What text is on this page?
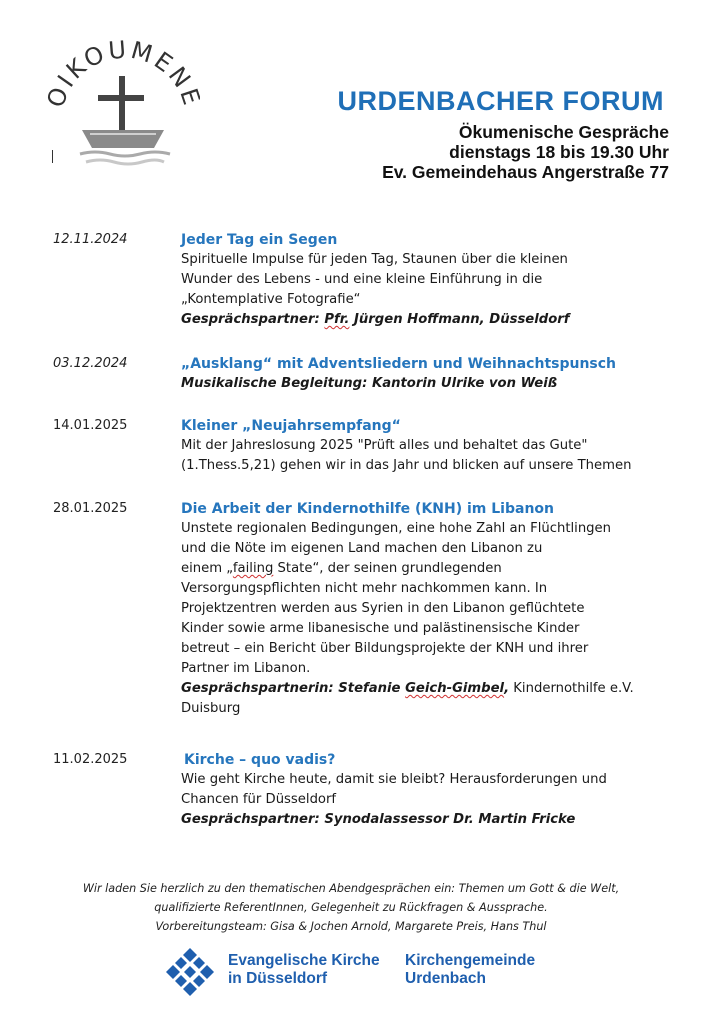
OIKOUMEN
URDENBACHER FORUM
Ökumenische Gespräche
dienstags 18 bis 19.30 Uhr
Ev. Gemeindehaus Angerstraße 77
12.11.2024	Jeder Tag ein Segen
Spirituelle Impulse für jeden Tag, Staunen über die kleinen
Wunder des Lebens - und eine kleine Einführung in die
„Kontemplative Fotografie“
Gesprächspartner: Pfr. Jürgen Hoffmann, Düsseldorf
03.12.2024	„Ausklang“ mit Adventsliedern und Weihnachtspunsch
Musikalische Begleitung: Kantorin Ulrike von Weiß
14.01.2025	Kleiner „Neujahrsempfang“
Mit der Jahreslosung 2025 "Prüft alles und behaltet das Gute"
(1.Thess.5,21) gehen wir in das Jahr und blicken auf unsere Themen
28.01.2025	Die Arbeit der Kindernothilfe (KNH) im Libanon
Unstete regionalen Bedingungen, eine hohe Zahl an Flüchtlingen
und die Nöte im eigenen Land machen den Libanon zu
einem „failing State“, der seinen grundlegenden
Versorgungspflichten nicht mehr nachkommen kann. In
Projektzentren werden aus Syrien in den Libanon geflüchtete
Kinder sowie arme libanesische und palästinensische Kinder
betreut – ein Bericht über Bildungsprojekte der KNH und ihrer
Partner im Libanon.
Gesprächspartnerin: Stefanie Geich-Gimbel, Kindernothilfe e.V.
Duisburg
11.02.2025	Kirche – quo vadis?
Wie geht Kirche heute, damit sie bleibt? Herausforderungen und
Chancen für Düsseldorf
Gesprächspartner: Synodalassessor Dr. Martin Fricke
Wir laden Sie herzlich zu den thematischen Abendgesprächen ein: Themen um Gott & die Welt,
qualifizierte ReferentInnen, Gelegenheit zu Rückfragen & Aussprache.
Vorbereitungsteam: Gisa & Jochen Arnold, Margarete Preis, Hans Thul
Evangelische Kirche
in Düsseldorf
Kirchengemeinde
Urdenbach
